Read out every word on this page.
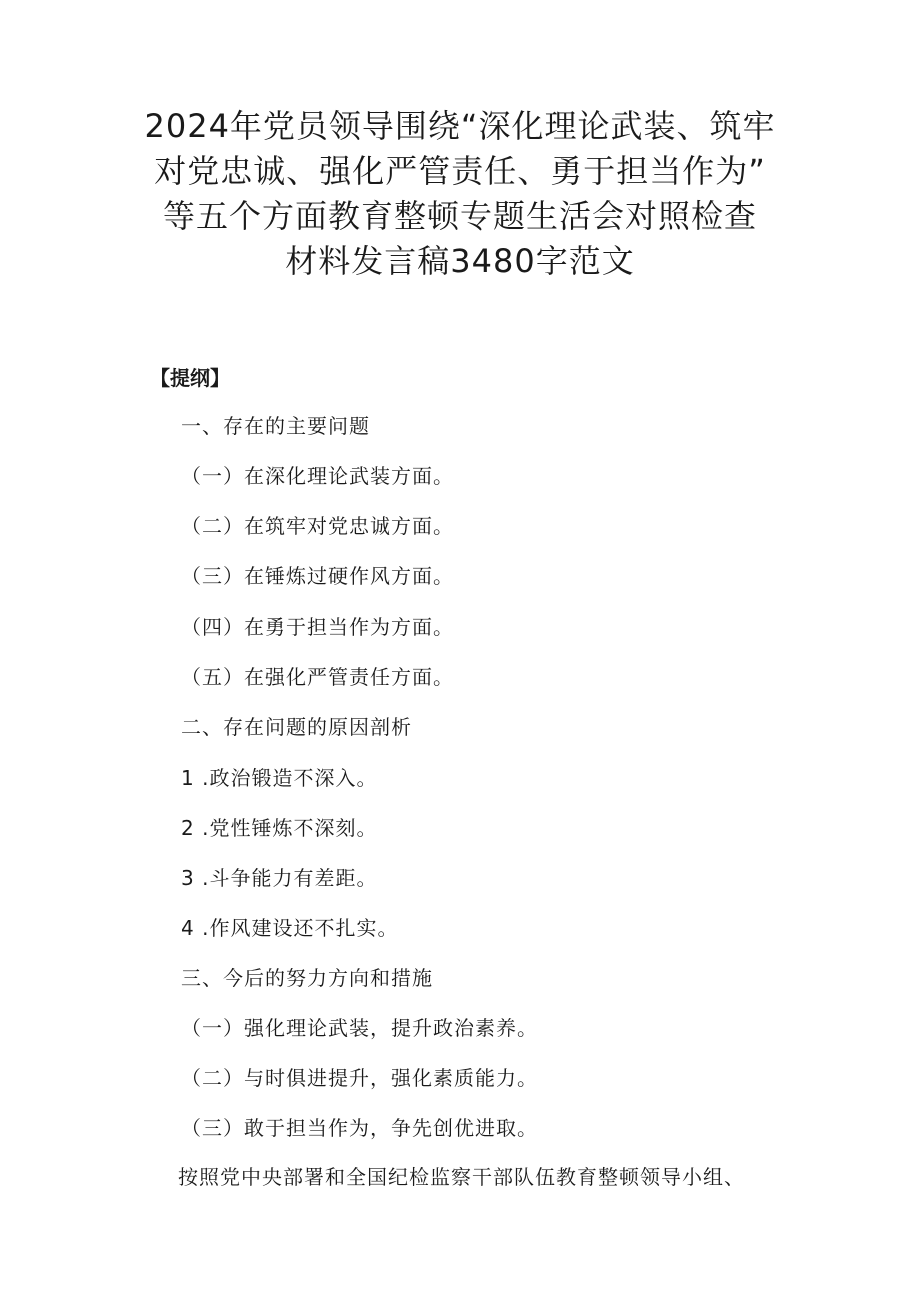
2024年党员领导围绕“深化理论武装、筑牢
对党忠诚、强化严管责任、勇于担当作为”
等五个方面教育整顿专题生活会对照检查
材料发言稿3480字范文

【提纲】

一、存在的主要问题

（一）在深化理论武装方面。

（二）在筑牢对党忠诚方面。

（三）在锤炼过硬作风方面。

（四）在勇于担当作为方面。

（五）在强化严管责任方面。

二、存在问题的原因剖析

1 .政治锻造不深入。

2 .党性锤炼不深刻。

3 .斗争能力有差距。

4 .作风建设还不扎实。

三、今后的努力方向和措施

（一）强化理论武装，提升政治素养。

（二）与时俱进提升，强化素质能力。

（三）敢于担当作为，争先创优进取。

按照党中央部署和全国纪检监察干部队伍教育整顿领导小组、
